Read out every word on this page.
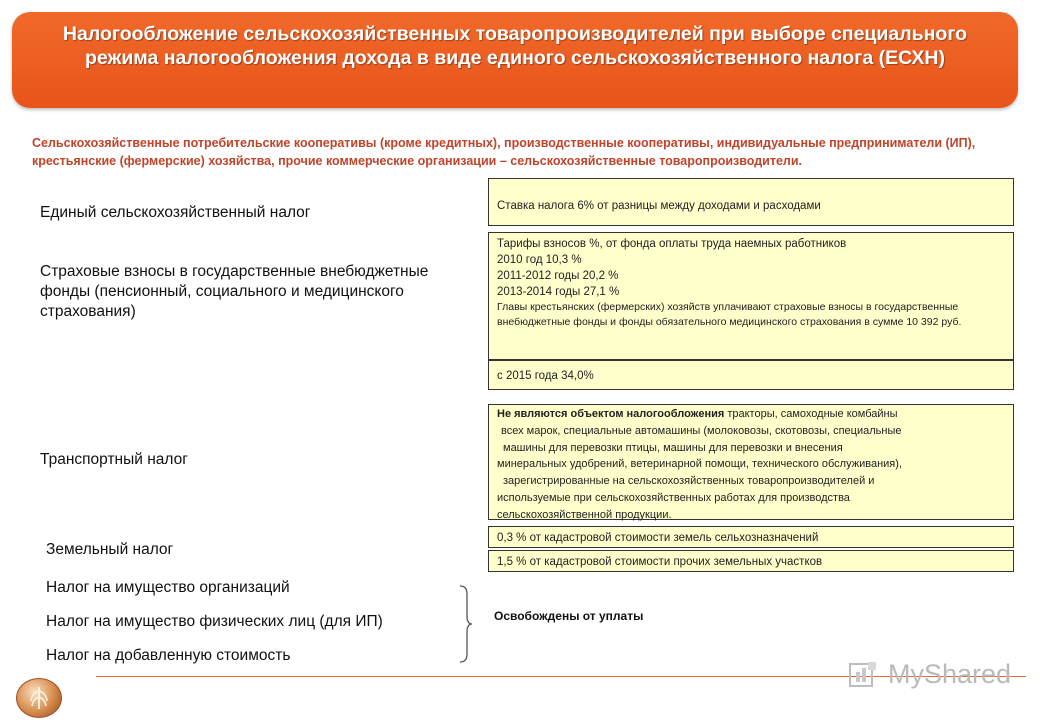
Налогообложение сельскохозяйственных товаропроизводителей при выборе специального режима налогообложения дохода в виде единого сельскохозяйственного налога (ЕСХН)
Сельскохозяйственные потребительские кооперативы (кроме кредитных), производственные кооперативы, индивидуальные предприниматели (ИП), крестьянские (фермерские) хозяйства, прочие коммерческие организации – сельскохозяйственные товаропроизводители.
Единый сельскохозяйственный налог	Ставка налога 6% от разницы между доходами и расходами
Страховые взносы в государственные внебюджетные фонды (пенсионный, социального и медицинского страхования)
Тарифы взносов %, от фонда оплаты труда наемных работников
2010 год 10,3 %
2011-2012 годы 20,2 %
2013-2014 годы 27,1 %
Главы крестьянских (фермерских) хозяйств уплачивают страховые взносы в государственные внебюджетные фонды и фонды обязательного медицинского страхования в сумме 10 392 руб.
с 2015 года 34,0%
Транспортный налог
Не являются объектом налогообложения тракторы, самоходные комбайны
всех марок, специальные автомашины (молоковозы, скотовозы, специальные
машины для перевозки птицы, машины для перевозки и внесения
минеральных удобрений, ветеринарной помощи, технического обслуживания),
зарегистрированные на сельскохозяйственных товаропроизводителей и
используемые при сельскохозяйственных работах для производства
сельскохозяйственной продукции.
Земельный налог
0,3 % от кадастровой стоимости земель сельхозназначений
1,5 % от кадастровой стоимости прочих земельных участков
Налог на имущество организаций
Налог на имущество физических лиц (для ИП)
Налог на добавленную стоимость
Освобождены от уплаты
MyShared
